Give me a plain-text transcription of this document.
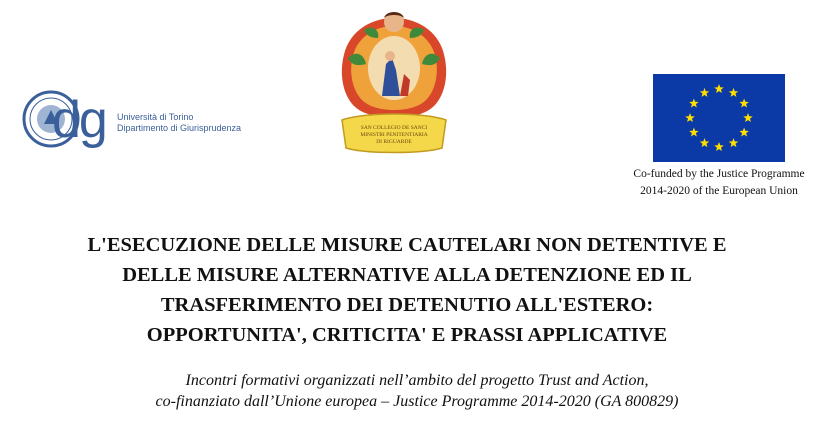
dg Università di Torino
Dipartimento di Giurisprudenza	SAN COLLEGIO DE SANCI
MINISTRI PENITENTIARIA
DI RIGUARDE
Co-funded by the Justice Programme
2014-2020 of the European Union
L'ESECUZIONE DELLE MISURE CAUTELARI NON DETENTIVE E
DELLE MISURE ALTERNATIVE ALLA DETENZIONE ED IL
TRASFERIMENTO DEI DETENUTIO ALL'ESTERO:
OPPORTUNITA', CRITICITA' E PRASSI APPLICATIVE
Incontri formativi organizzati nell’ambito del progetto Trust and Action,
co-finanziato dall’Unione europea – Justice Programme 2014-2020 (GA 800829)
